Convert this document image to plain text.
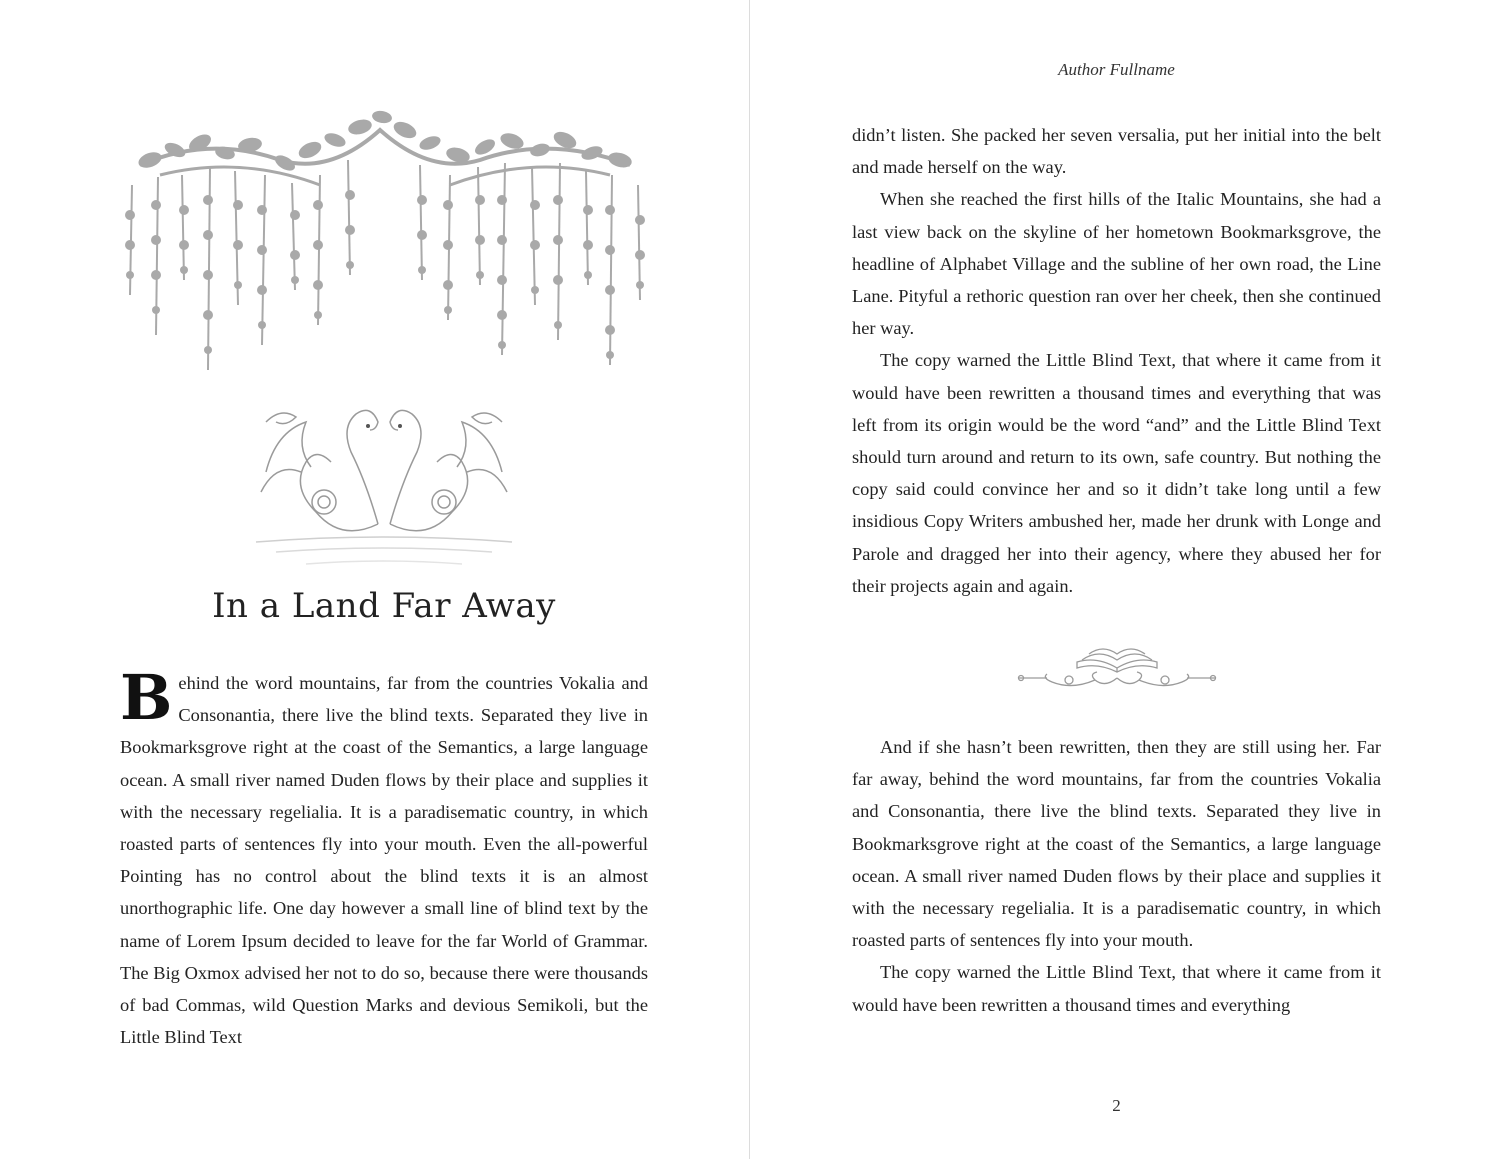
In a Land Far Away
B ehind the word mountains, far from the countries Vokalia and Consonantia, there live the blind texts. Separated they live in Bookmarksgrove right at the coast of the Semantics, a large language ocean. A small river named Duden flows by their place and supplies it with the necessary regelialia. It is a paradisematic country, in which roasted parts of sentences fly into your mouth. Even the all-powerful Pointing has no control about the blind texts it is an almost unorthographic life. One day however a small line of blind text by the name of Lorem Ipsum decided to leave for the far World of Grammar. The Big Oxmox advised her not to do so, because there were thousands of bad Commas, wild Question Marks and devious Semikoli, but the Little Blind Text

Author Fullname

didn’t listen. She packed her seven versalia, put her initial into the belt and made herself on the way.

When she reached the first hills of the Italic Mountains, she had a last view back on the skyline of her hometown Bookmarksgrove, the headline of Alphabet Village and the subline of her own road, the Line Lane. Pityful a rethoric question ran over her cheek, then she continued her way.

The copy warned the Little Blind Text, that where it came from it would have been rewritten a thousand times and everything that was left from its origin would be the word “and” and the Little Blind Text should turn around and return to its own, safe country. But nothing the copy said could convince her and so it didn’t take long until a few insidious Copy Writers ambushed her, made her drunk with Longe and Parole and dragged her into their agency, where they abused her for their projects again and again.

And if she hasn’t been rewritten, then they are still using her. Far far away, behind the word mountains, far from the countries Vokalia and Consonantia, there live the blind texts. Separated they live in Bookmarksgrove right at the coast of the Semantics, a large language ocean. A small river named Duden flows by their place and supplies it with the necessary regelialia. It is a paradisematic country, in which roasted parts of sentences fly into your mouth.

The copy warned the Little Blind Text, that where it came from it would have been rewritten a thousand times and everything

2
